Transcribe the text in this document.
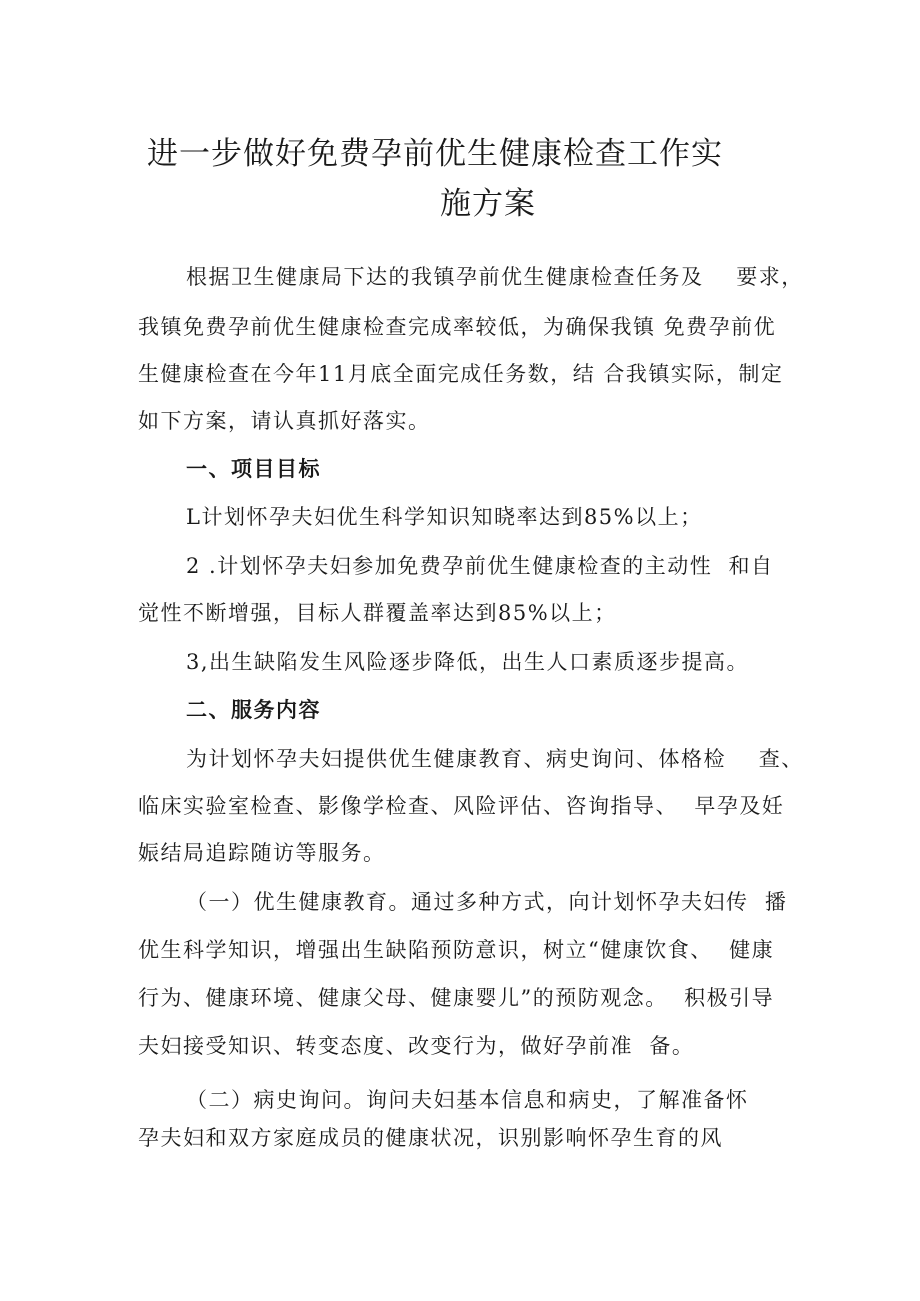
进一步做好免费孕前优生健康检查工作实
施方案
根据卫生健康局下达的我镇孕前优生健康检查任务及    要求，
我镇免费孕前优生健康检查完成率较低，为确保我镇 免费孕前优
生健康检查在今年11月底全面完成任务数，结 合我镇实际，制定
如下方案，请认真抓好落实。
一、项目目标
L计划怀孕夫妇优生科学知识知晓率达到85%以上；
2 .计划怀孕夫妇参加免费孕前优生健康检查的主动性  和自
觉性不断增强，目标人群覆盖率达到85%以上；
3,出生缺陷发生风险逐步降低，出生人口素质逐步提高。
二、服务内容
为计划怀孕夫妇提供优生健康教育、病史询问、体格检    查、
临床实验室检查、影像学检查、风险评估、咨询指导、  早孕及妊
娠结局追踪随访等服务。
（一）优生健康教育。通过多种方式，向计划怀孕夫妇传  播
优生科学知识，增强出生缺陷预防意识，树立“健康饮食、  健康
行为、健康环境、健康父母、健康婴儿”的预防观念。  积极引导
夫妇接受知识、转变态度、改变行为，做好孕前准  备。
（二）病史询问。询问夫妇基本信息和病史，了解准备怀
孕夫妇和双方家庭成员的健康状况，识别影响怀孕生育的风
